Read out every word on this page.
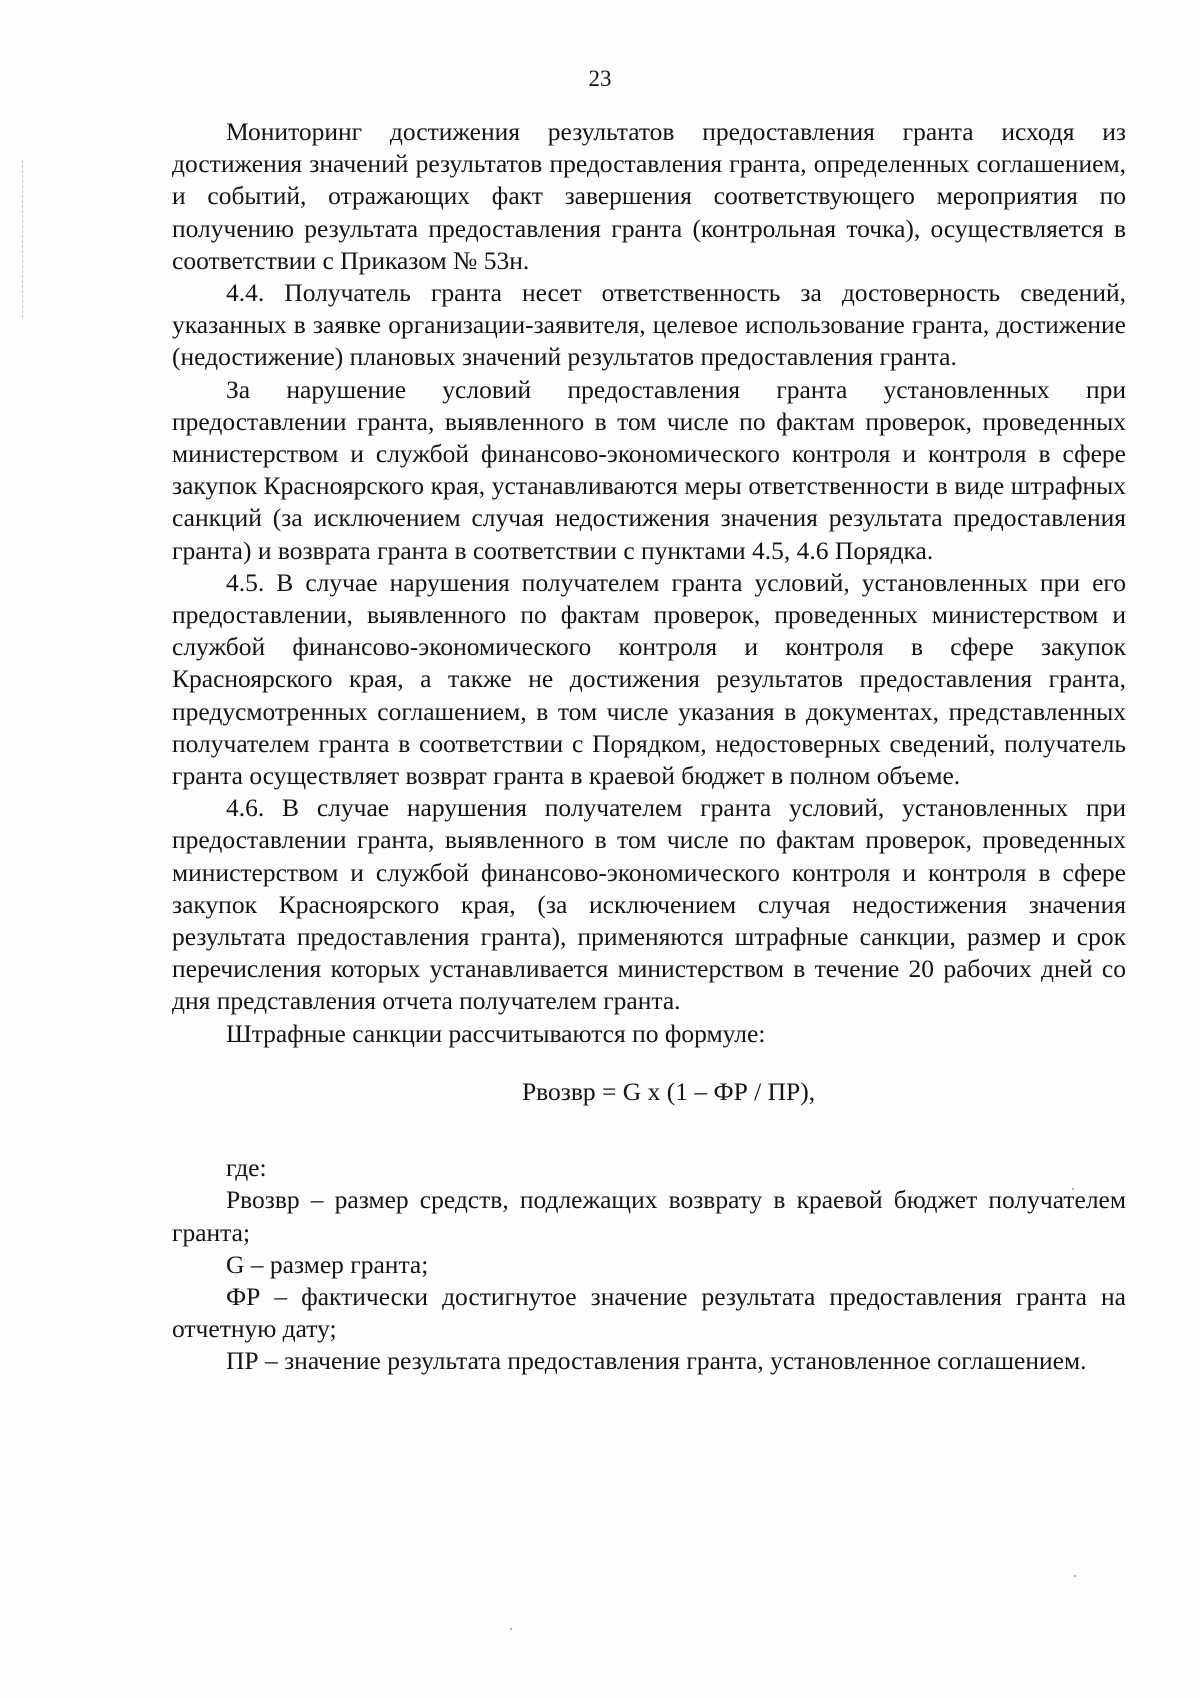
23

Мониторинг достижения результатов предоставления гранта исходя из достижения значений результатов предоставления гранта, определенных соглашением, и событий, отражающих факт завершения соответствующего мероприятия по получению результата предоставления гранта (контрольная точка), осуществляется в соответствии с Приказом № 53н.

4.4. Получатель гранта несет ответственность за достоверность сведений, указанных в заявке организации-заявителя, целевое использование гранта, достижение (недостижение) плановых значений результатов предоставления гранта.

За нарушение условий предоставления гранта установленных при предоставлении гранта, выявленного в том числе по фактам проверок, проведенных министерством и службой финансово-экономического контроля и контроля в сфере закупок Красноярского края, устанавливаются меры ответственности в виде штрафных санкций (за исключением случая недостижения значения результата предоставления гранта) и возврата гранта в соответствии с пунктами 4.5, 4.6 Порядка.

4.5. В случае нарушения получателем гранта условий, установленных при его предоставлении, выявленного по фактам проверок, проведенных министерством и службой финансово-экономического контроля и контроля в сфере закупок Красноярского края, а также не достижения результатов предоставления гранта, предусмотренных соглашением, в том числе указания в документах, представленных получателем гранта в соответствии с Порядком, недостоверных сведений, получатель гранта осуществляет возврат гранта в краевой бюджет в полном объеме.

4.6. В случае нарушения получателем гранта условий, установленных при предоставлении гранта, выявленного в том числе по фактам проверок, проведенных министерством и службой финансово-экономического контроля и контроля в сфере закупок Красноярского края, (за исключением случая недостижения значения результата предоставления гранта), применяются штрафные санкции, размер и срок перечисления которых устанавливается министерством в течение 20 рабочих дней со дня представления отчета получателем гранта.

Штрафные санкции рассчитываются по формуле:

Рвозвр = G x (1 – ФР / ПР),

где:

Рвозвр – размер средств, подлежащих возврату в краевой бюджет получателем гранта;

G – размер гранта;

ФР – фактически достигнутое значение результата предоставления гранта на отчетную дату;

ПР – значение результата предоставления гранта, установленное соглашением.
